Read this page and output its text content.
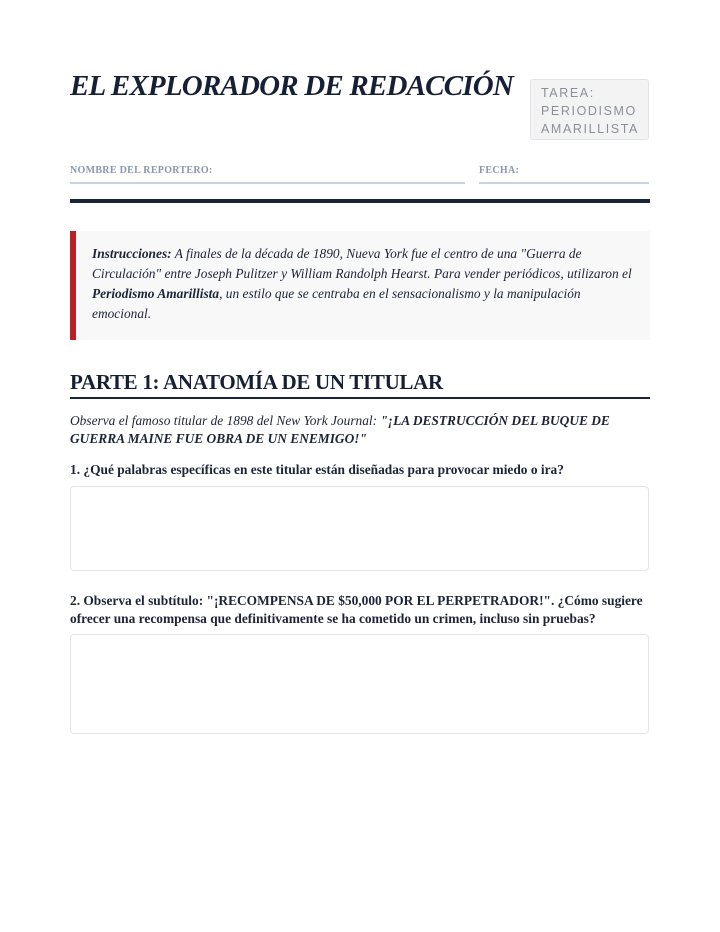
EL EXPLORADOR DE REDACCIÓN TAREA:
PERIODISMO
AMARILLISTA
NOMBRE DEL REPORTERO:	FECHA:
Instrucciones: A finales de la década de 1890, Nueva York fue el centro de una "Guerra de Circulación" entre Joseph Pulitzer y William Randolph Hearst. Para vender periódicos, utilizaron el Periodismo Amarillista, un estilo que se centraba en el sensacionalismo y la manipulación emocional.
PARTE 1: ANATOMÍA DE UN TITULAR
Observa el famoso titular de 1898 del New York Journal: "¡LA DESTRUCCIÓN DEL BUQUE DE GUERRA MAINE FUE OBRA DE UN ENEMIGO!"
1. ¿Qué palabras específicas en este titular están diseñadas para provocar miedo o ira?
2. Observa el subtítulo: "¡RECOMPENSA DE $50,000 POR EL PERPETRADOR!". ¿Cómo sugiere ofrecer una recompensa que definitivamente se ha cometido un crimen, incluso sin pruebas?
